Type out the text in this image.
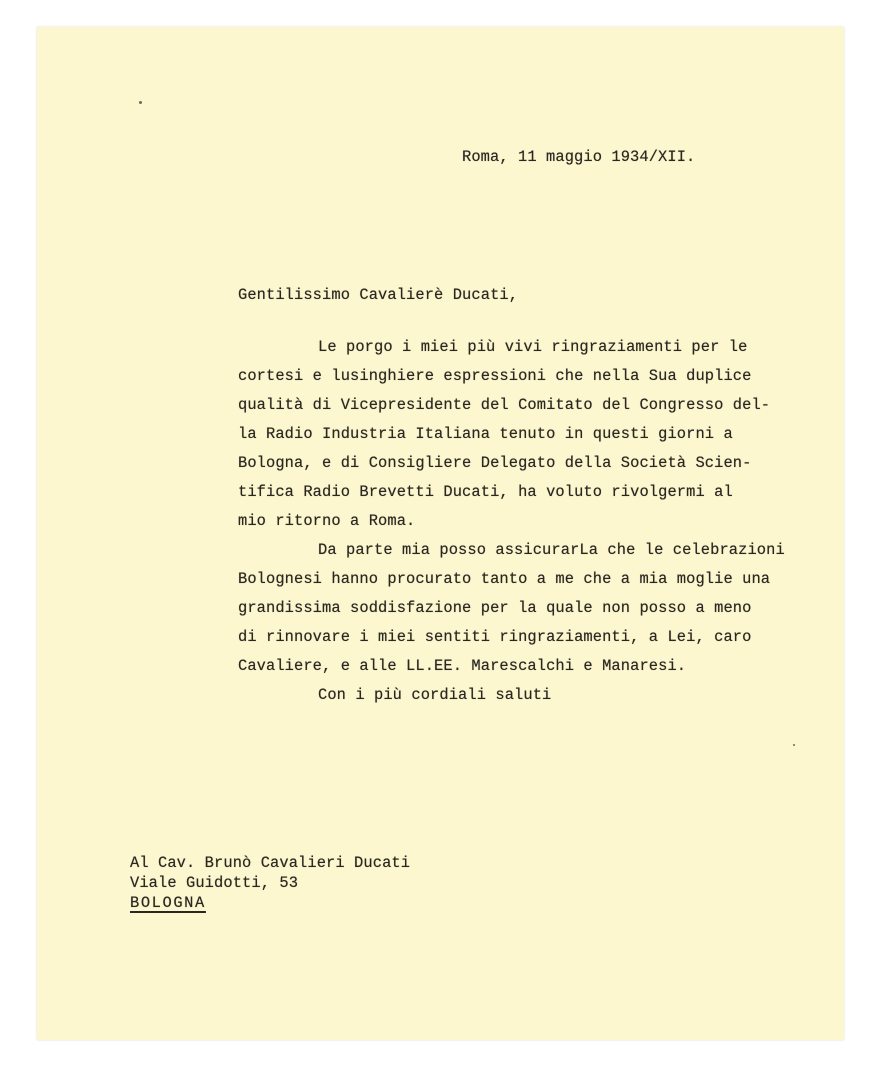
Roma, 11 maggio 1934/XII.
Gentilissimo Cavalierè Ducati,
Le porgo i miei più vivi ringraziamenti per le
cortesi e lusinghiere espressioni che nella Sua duplice
qualità di Vicepresidente del Comitato del Congresso del-
la Radio Industria Italiana tenuto in questi giorni a
Bologna, e di Consigliere Delegato della Società Scien-
tifica Radio Brevetti Ducati, ha voluto rivolgermi al
mio ritorno a Roma.
Da parte mia posso assicurarLa che le celebrazioni
Bolognesi hanno procurato tanto a me che a mia moglie una
grandissima soddisfazione per la quale non posso a meno
di rinnovare i miei sentiti ringraziamenti, a Lei, caro
Cavaliere, e alle LL.EE. Marescalchi e Manaresi.
Con i più cordiali saluti
Al Cav. Brunò Cavalieri Ducati
Viale Guidotti, 53
BOLOGNA
